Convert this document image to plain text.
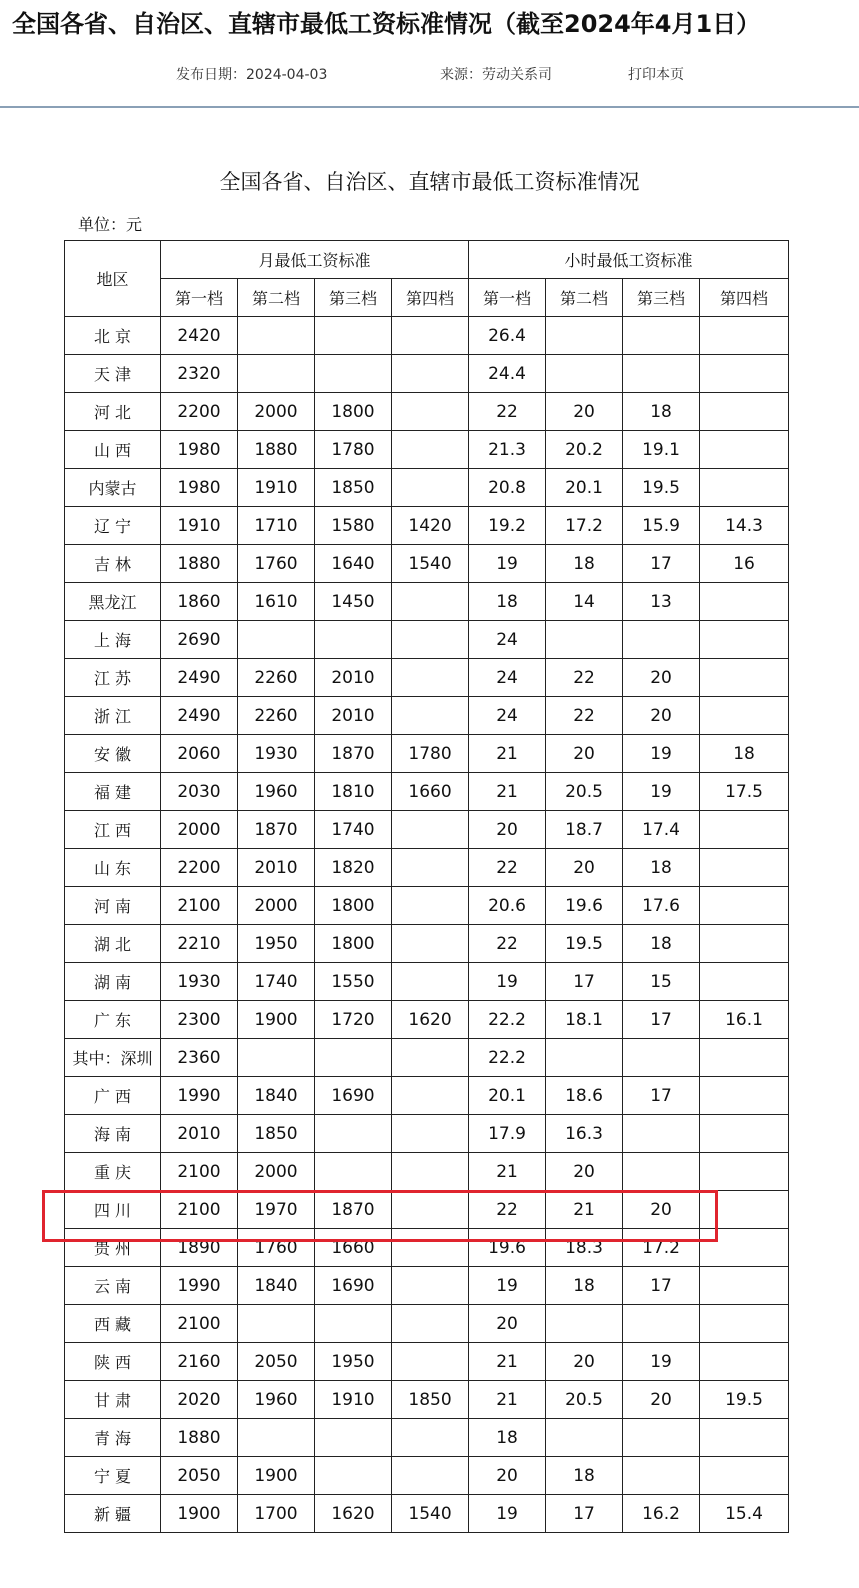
全国各省、自治区、直辖市最低工资标准情况（截至2024年4月1日）
发布日期：2024-04-03	来源：劳动关系司	打印本页
全国各省、自治区、直辖市最低工资标准情况
单位：元
地区	月最低工资标准				小时最低工资标准			
	第一档	第二档	第三档	第四档	第一档	第二档	第三档	第四档
北 京	2420				26.4			
天 津	2320				24.4			
河 北	2200	2000	1800		22	20	18	
山 西	1980	1880	1780		21.3	20.2	19.1	
内蒙古	1980	1910	1850		20.8	20.1	19.5	
辽 宁	1910	1710	1580	1420	19.2	17.2	15.9	14.3
吉 林	1880	1760	1640	1540	19	18	17	16
黑龙江	1860	1610	1450		18	14	13	
上 海	2690				24			
江 苏	2490	2260	2010		24	22	20	
浙 江	2490	2260	2010		24	22	20	
安 徽	2060	1930	1870	1780	21	20	19	18
福 建	2030	1960	1810	1660	21	20.5	19	17.5
江 西	2000	1870	1740		20	18.7	17.4	
山 东	2200	2010	1820		22	20	18	
河 南	2100	2000	1800		20.6	19.6	17.6	
湖 北	2210	1950	1800		22	19.5	18	
湖 南	1930	1740	1550		19	17	15	
广 东	2300	1900	1720	1620	22.2	18.1	17	16.1
其中：深圳	2360				22.2			
广 西	1990	1840	1690		20.1	18.6	17	
海 南	2010	1850			17.9	16.3		
重 庆	2100	2000			21	20		
四 川	2100	1970	1870		22	21	20	
贵 州	1890	1760	1660		19.6	18.3	17.2	
云 南	1990	1840	1690		19	18	17	
西 藏	2100				20			
陕 西	2160	2050	1950		21	20	19	
甘 肃	2020	1960	1910	1850	21	20.5	20	19.5
青 海	1880				18			
宁 夏	2050	1900			20	18		
新 疆	1900	1700	1620	1540	19	17	16.2	15.4
